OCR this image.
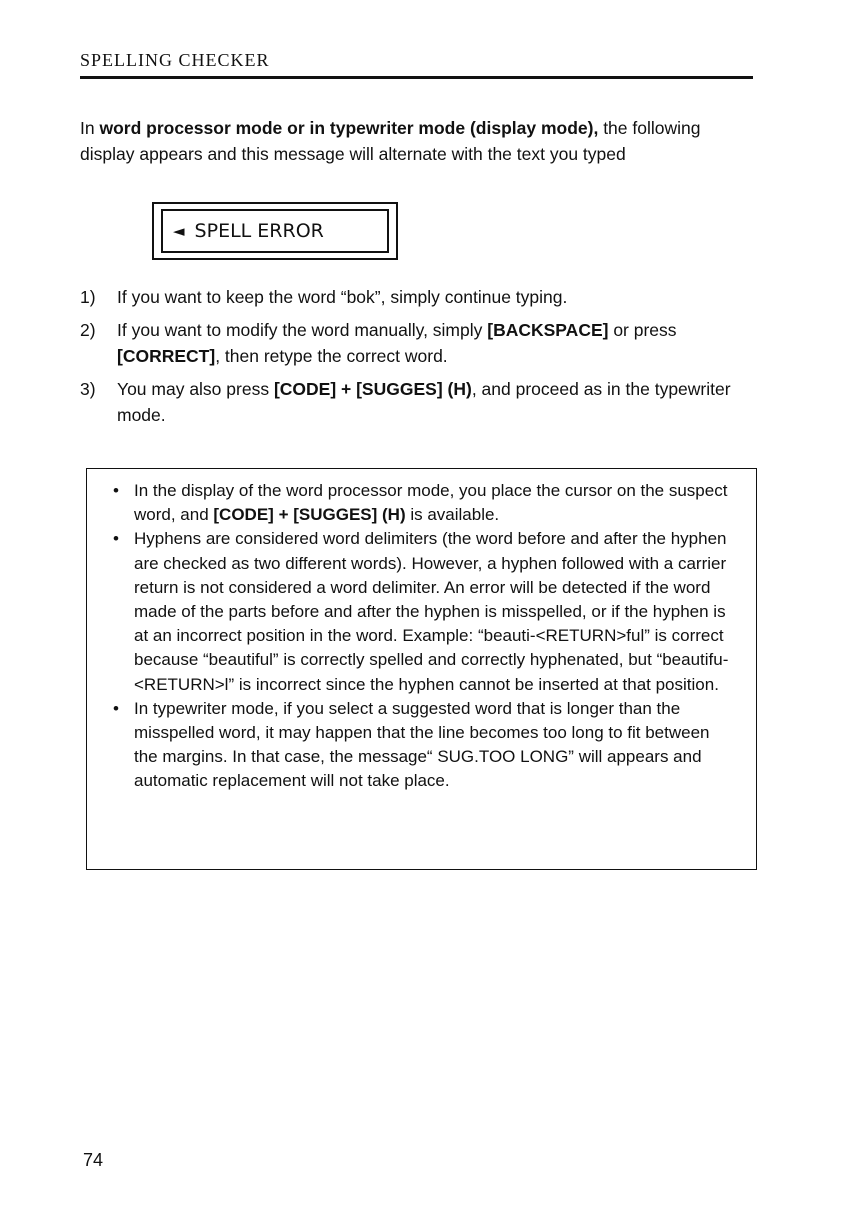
SPELLING CHECKER

In word processor mode or in typewriter mode (display mode), the following display appears and this message will alternate with the text you typed

◄ SPELL ERROR
1) If you want to keep the word “bok”, simply continue typing.
2) If you want to modify the word manually, simply [BACKSPACE] or press [CORRECT], then retype the correct word.
3) You may also press [CODE] + [SUGGES] (H), and proceed as in the typewriter mode.
• In the display of the word processor mode, you place the cursor on the suspect word, and [CODE] + [SUGGES] (H) is available.
• Hyphens are considered word delimiters (the word before and after the hyphen are checked as two different words). However, a hyphen followed with a carrier return is not considered a word delimiter. An error will be detected if the word made of the parts before and after the hyphen is misspelled, or if the hyphen is at an incorrect position in the word. Example: “beauti-<RETURN>ful” is correct because “beautiful” is correctly spelled and correctly hyphenated, but “beautifu-<RETURN>l” is incorrect since the hyphen cannot be inserted at that position.
• In typewriter mode, if you select a suggested word that is longer than the misspelled word, it may happen that the line becomes too long to fit between the margins. In that case, the message“ SUG.TOO LONG” will appears and automatic replacement will not take place.
74
